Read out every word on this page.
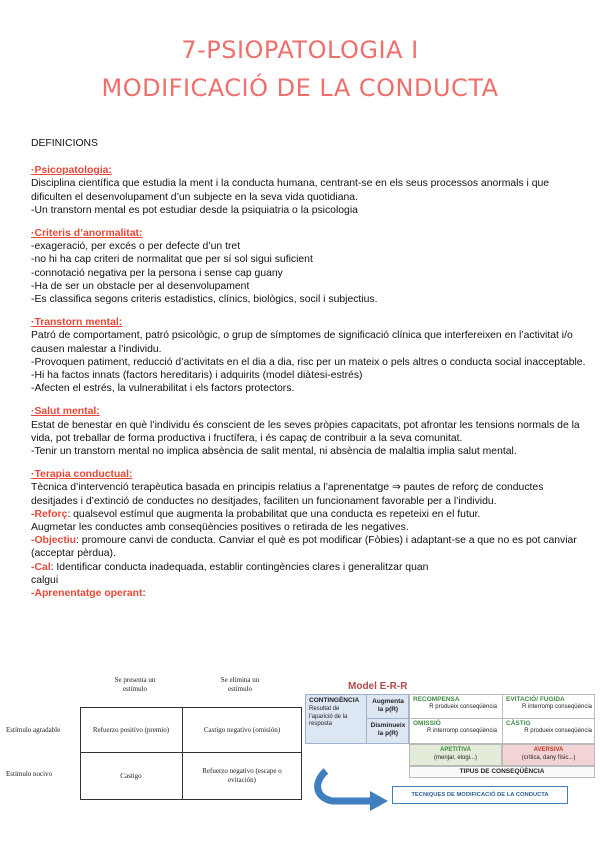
7-PSIOPATOLOGIA I
MODIFICACIÓ DE LA CONDUCTA
DEFINICIONS
·Psicopatologia:
Disciplina científica que estudia la ment i la conducta humana, centrant-se en els seus processos anormals i que dificulten el desenvolupament d’un subjecte en la seva vida quotidiana.
-Un transtorn mental es pot estudiar desde la psiquiatria o la psicologia
·Criteris d’anormalitat:
-exageració, per excés o per defecte d’un tret
-no hi ha cap criteri de normalitat que per sí sol sigui suficient
-connotació negativa per la persona i sense cap guany
-Ha de ser un obstacle per al desenvolupament
-Es classifica segons criteris estadistics, clínics, biològics, socil i subjectius.
·Transtorn mental:
Patró de comportament, patró psicològic, o grup de símptomes de significació clínica que interfereixen en l’activitat i/o causen malestar a l’individu.
-Provoquen patiment, reducció d’activitats en el dia a dia, risc per un mateix o pels altres o conducta social inacceptable.
-Hi ha factos innats (factors hereditaris) i adquirits (model diàtesi-estrés)
-Afecten el estrés, la vulnerabilitat i els factors protectors.
·Salut mental:
Estat de benestar en què l’individu és conscient de les seves pròpies capacitats, pot afrontar les tensions normals de la vida, pot treballar de forma productiva i fructífera, i és capaç de contribuir a la seva comunitat.
-Tenir un transtorn mental no implica absència de salit mental, ni absència de malaltia implia salut mental.
·Terapia conductual:
Tècnica d’intervenció terapèutica basada en principis relatius a l’aprenentatge ⇒ pautes de reforç de conductes desitjades i d’extinció de conductes no desitjades, faciliten un funcionament favorable per a l’individu.
-Reforç: qualsevol estímul que augmenta la probabilitat que una conducta es repeteixi en el futur.
Augmetar les conductes amb conseqüències positives o retirada de les negatives.
-Objectiu: promoure canvi de conducta. Canviar el què es pot modificar (Fòbies) i adaptant-se a que no es pot canviar (acceptar pèrdua).
-Cal: Identificar conducta inadequada, establir contingències clares i generalitzar quan
calgui
-Aprenentatge operant:
Se presenta un estímulo
Se elimina un estímulo
Estímulo agradable
Estímulo nocivo
Refuerzo positivo (premio)	Castigo negativo (omisión)
Castigo
Refuerzo negativo (escape o evitación)
Model E-R-R
CONTINGÈNCIA
Resultat de l’aparició de la resposta
Augmenta la p(R)
Disminueix la p(R)
RECOMPENSA
R produeix conseqüència
EVITACIÓ/ FUGIDA
R interromp conseqüència
OMISSIÓ
R interromp conseqüència
CÀSTIG
R produeix conseqüència
APETITIVA
(menjar, elogi...)
AVERSIVA
(crítica, dany físic...)
TIPUS DE CONSEQÜÈNCIA
TECNIQUES DE MODIFICACIÓ DE LA CONDUCTA
